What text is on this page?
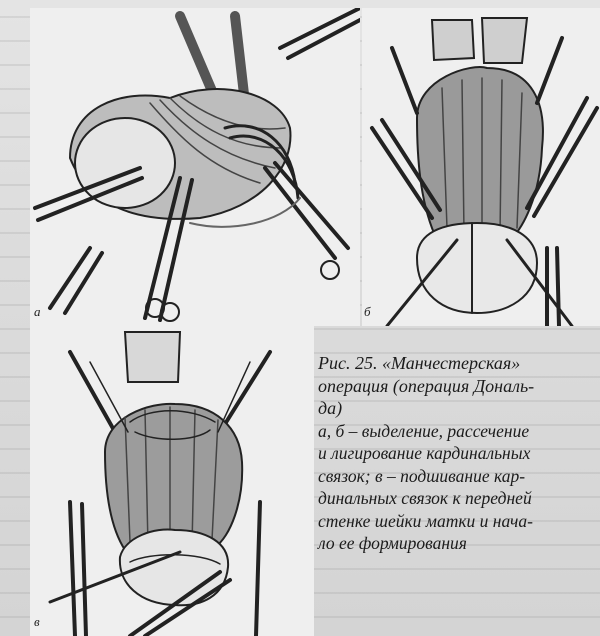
а	б
в
Рис. 25. «Манчестерская»
операция (операция Дональ-
да)
а, б – выделение, рассечение
и лигирование кардинальных
связок; в – подшивание кар-
динальных связок к передней
стенке шейки матки и нача-
ло ее формирования
